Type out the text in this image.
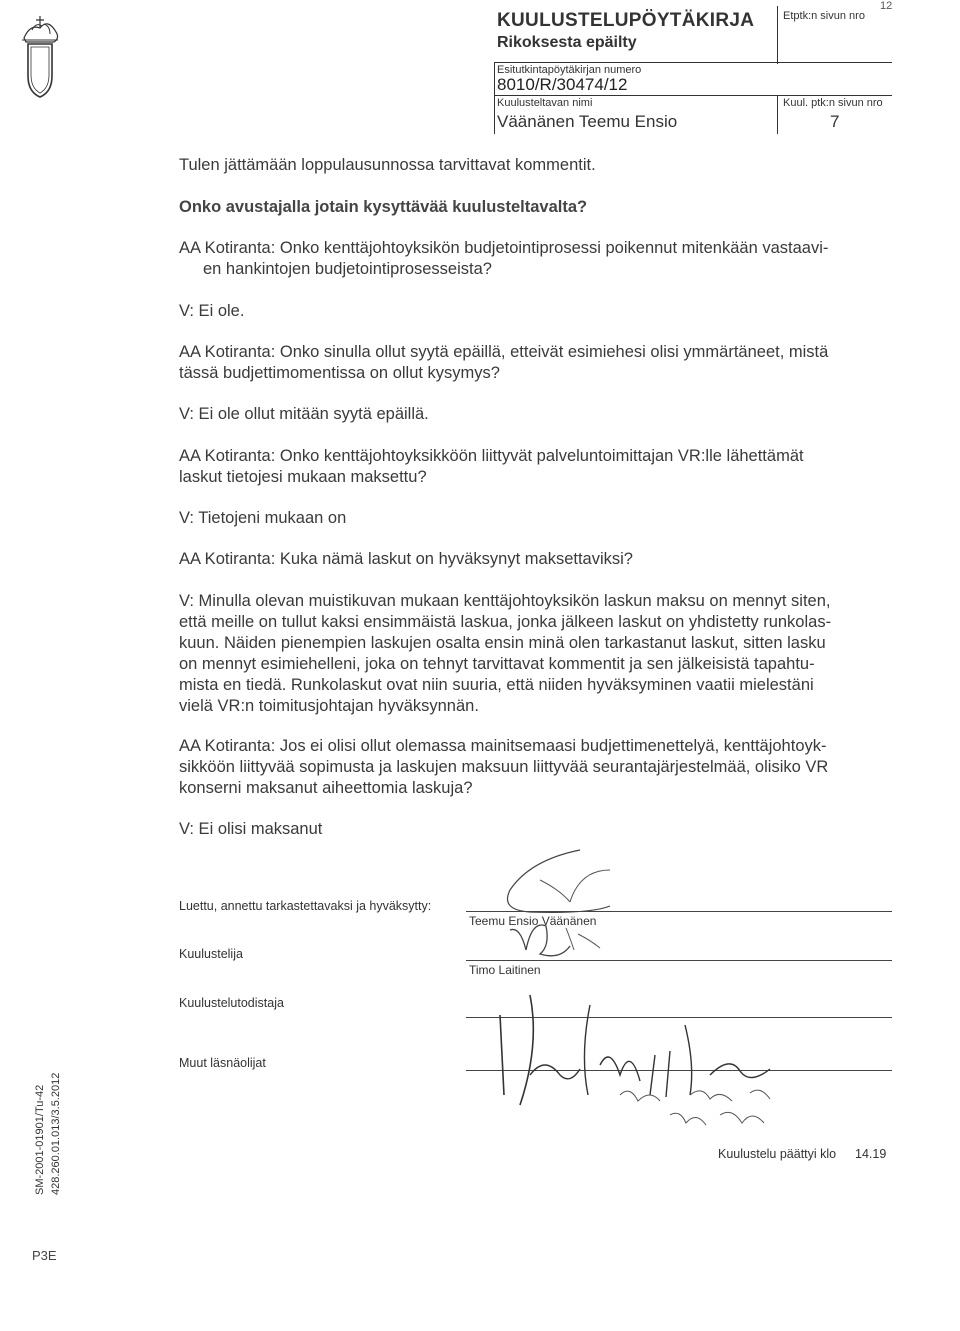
12
KUULUSTELUPÖYTÄKIRJA
Rikoksesta epäilty
Etptk:n sivun nro
Esitutkintapöytäkirjan numero
8010/R/30474/12
Kuulusteltavan nimi
Väänänen Teemu Ensio
Kuul. ptk:n sivun nro
7
Tulen jättämään loppulausunnossa tarvittavat kommentit.
Onko avustajalla jotain kysyttävää kuulusteltavalta?
AA Kotiranta: Onko kenttäjohtoyksikön budjetointiprosessi poikennut mitenkään vastaavi-
en hankintojen budjetointiprosesseista?
V: Ei ole.
AA Kotiranta: Onko sinulla ollut syytä epäillä, etteivät esimiehesi olisi ymmärtäneet, mistä
tässä budjettimomentissa on ollut kysymys?
V: Ei ole ollut mitään syytä epäillä.
AA Kotiranta: Onko kenttäjohtoyksikköön liittyvät palveluntoimittajan VR:lle lähettämät
laskut tietojesi mukaan maksettu?
V: Tietojeni mukaan on
AA Kotiranta: Kuka nämä laskut on hyväksynyt maksettaviksi?
V: Minulla olevan muistikuvan mukaan kenttäjohtoyksikön laskun maksu on mennyt siten,
että meille on tullut kaksi ensimmäistä laskua, jonka jälkeen laskut on yhdistetty runkolas-
kuun. Näiden pienempien laskujen osalta ensin minä olen tarkastanut laskut, sitten lasku
on mennyt esimiehelleni, joka on tehnyt tarvittavat kommentit ja sen jälkeisistä tapahtu-
mista en tiedä. Runkolaskut ovat niin suuria, että niiden hyväksyminen vaatii mielestäni
vielä VR:n toimitusjohtajan hyväksynnän.
AA Kotiranta: Jos ei olisi ollut olemassa mainitsemaasi budjettimenettelyä, kenttäjohtoyk-
sikköön liittyvää sopimusta ja laskujen maksuun liittyvää seurantajärjestelmää, olisiko VR
konserni maksanut aiheettomia laskuja?
V: Ei olisi maksanut
Luettu, annettu tarkastettavaksi ja hyväksytty:
Teemu Ensio Väänänen
Kuulustelija
Timo Laitinen
Kuulustelutodistaja
Muut läsnäolijat
Kuulustelu päättyi klo 14.19
SM-2001-01901/Tu-42 428.260.01.013/3.5.2012
P3E
